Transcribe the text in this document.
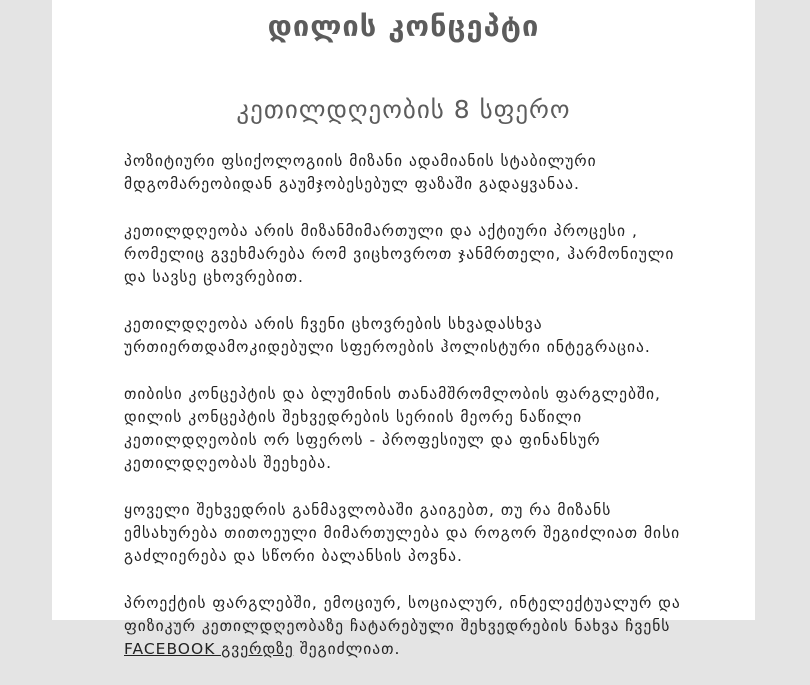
დილის კონცეპტი
კეთილდღეობის 8 სფერო

პოზიტიური ფსიქოლოგიის მიზანი ადამიანის სტაბილური მდგომარეობიდან გაუმჯობესებულ ფაზაში გადაყვანაა.

კეთილდღეობა არის მიზანმიმართული და აქტიური პროცესი , რომელიც გვეხმარება რომ ვიცხოვროთ ჯანმრთელი, ჰარმონიული და სავსე ცხოვრებით.

კეთილდღეობა არის ჩვენი ცხოვრების სხვადასხვა ურთიერთდამოკიდებული სფეროების ჰოლისტური ინტეგრაცია.

თიბისი კონცეპტის და ბლუმინის თანამშრომლობის ფარგლებში, დილის კონცეპტის შეხვედრების სერიის მეორე ნაწილი კეთილდღეობის ორ სფეროს - პროფესიულ და ფინანსურ კეთილდღეობას შეეხება.

ყოველი შეხვედრის განმავლობაში გაიგებთ, თუ რა მიზანს ემსახურება თითოეული მიმართულება და როგორ შეგიძლიათ მისი გაძლიერება და სწორი ბალანსის პოვნა.

პროექტის ფარგლებში, ემოციურ, სოციალურ, ინტელექტუალურ და ფიზიკურ კეთილდღეობაზე ჩატარებული შეხვედრების ნახვა ჩვენს FACEBOOK გვერდზე შეგიძლიათ.
